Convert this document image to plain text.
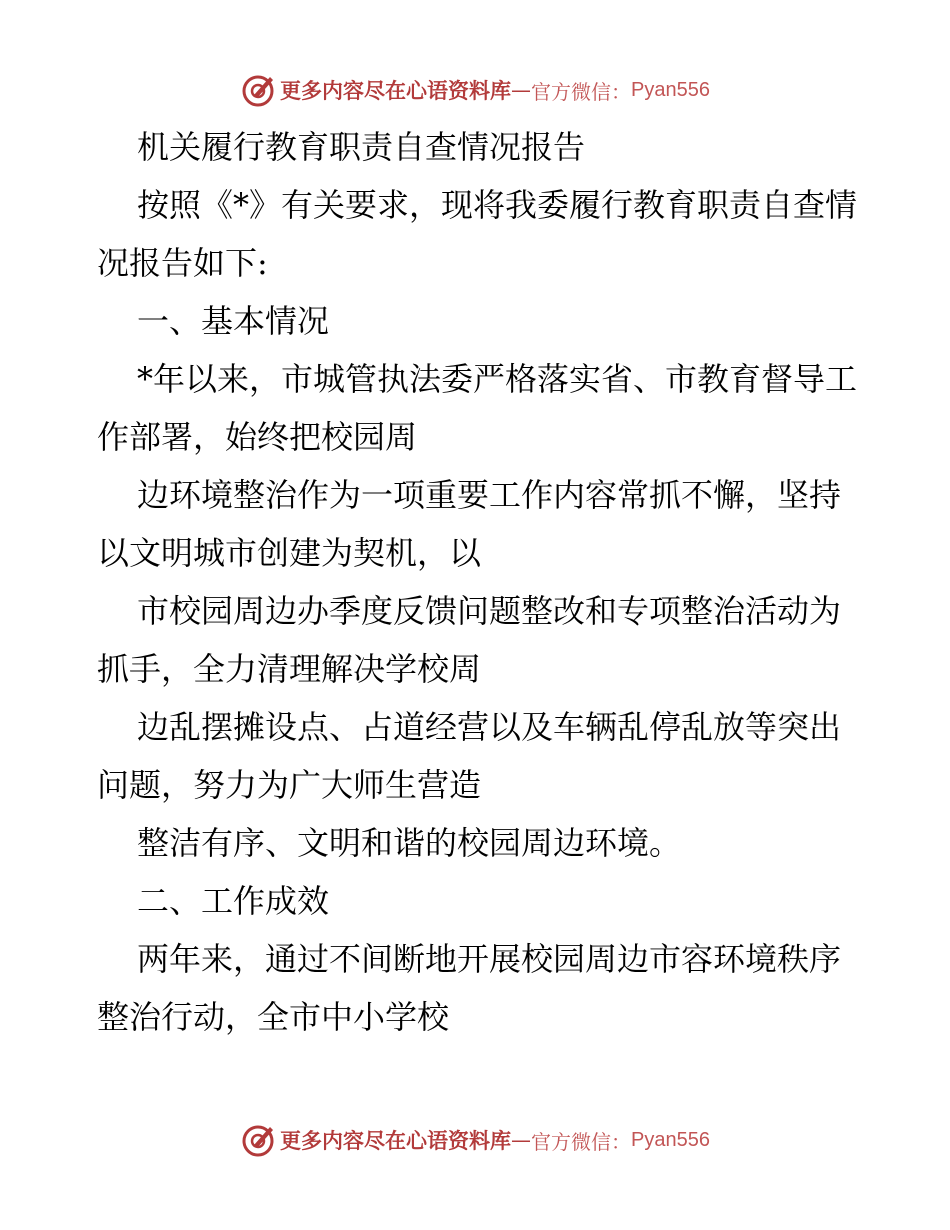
更多内容尽在心语资料库 — 官方微信： Pyan556

机关履行教育职责自查情况报告

按照《*》有关要求，现将我委履行教育职责自查情况报告如下:

一、基本情况

*年以来，市城管执法委严格落实省、市教育督导工作部署，始终把校园周

边环境整治作为一项重要工作内容常抓不懈，坚持以文明城市创建为契机，以

市校园周边办季度反馈问题整改和专项整治活动为抓手，全力清理解决学校周

边乱摆摊设点、占道经营以及车辆乱停乱放等突出问题，努力为广大师生营造

整洁有序、文明和谐的校园周边环境。

二、工作成效

两年来，通过不间断地开展校园周边市容环境秩序整治行动，全市中小学校

更多内容尽在心语资料库 — 官方微信： Pyan556
